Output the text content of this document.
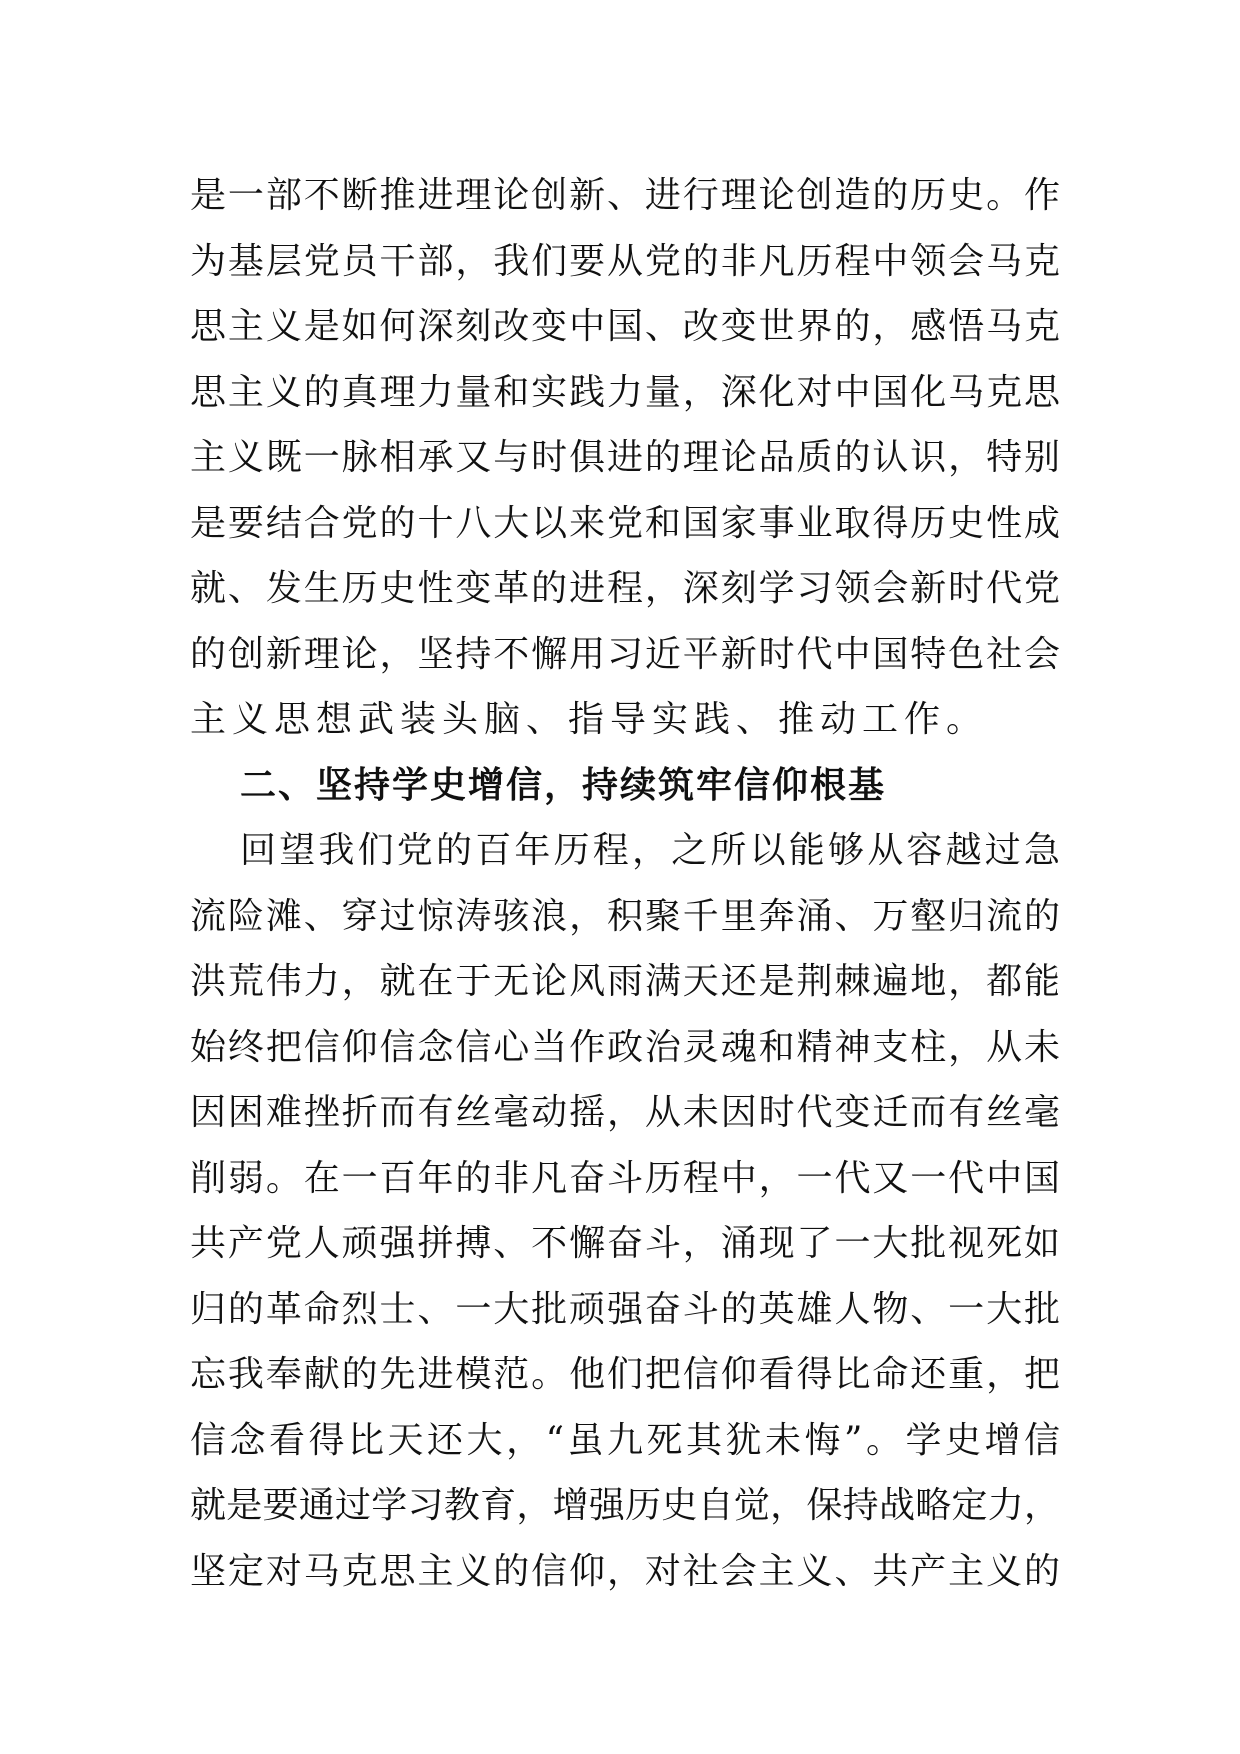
是一部不断推进理论创新、进行理论创造的历史。作
为基层党员干部，我们要从党的非凡历程中领会马克
思主义是如何深刻改变中国、改变世界的，感悟马克
思主义的真理力量和实践力量，深化对中国化马克思
主义既一脉相承又与时俱进的理论品质的认识，特别
是要结合党的十八大以来党和国家事业取得历史性成
就、发生历史性变革的进程，深刻学习领会新时代党
的创新理论，坚持不懈用习近平新时代中国特色社会
主义思想武装头脑、指导实践、推动工作。
二、坚持学史增信，持续筑牢信仰根基
回望我们党的百年历程，之所以能够从容越过急
流险滩、穿过惊涛骇浪，积聚千里奔涌、万壑归流的
洪荒伟力，就在于无论风雨满天还是荆棘遍地，都能
始终把信仰信念信心当作政治灵魂和精神支柱，从未
因困难挫折而有丝毫动摇，从未因时代变迁而有丝毫
削弱。在一百年的非凡奋斗历程中，一代又一代中国
共产党人顽强拼搏、不懈奋斗，涌现了一大批视死如
归的革命烈士、一大批顽强奋斗的英雄人物、一大批
忘我奉献的先进模范。他们把信仰看得比命还重，把
信念看得比天还大，“虽九死其犹未悔”。学史增信
就是要通过学习教育，增强历史自觉，保持战略定力，
坚定对马克思主义的信仰，对社会主义、共产主义的
